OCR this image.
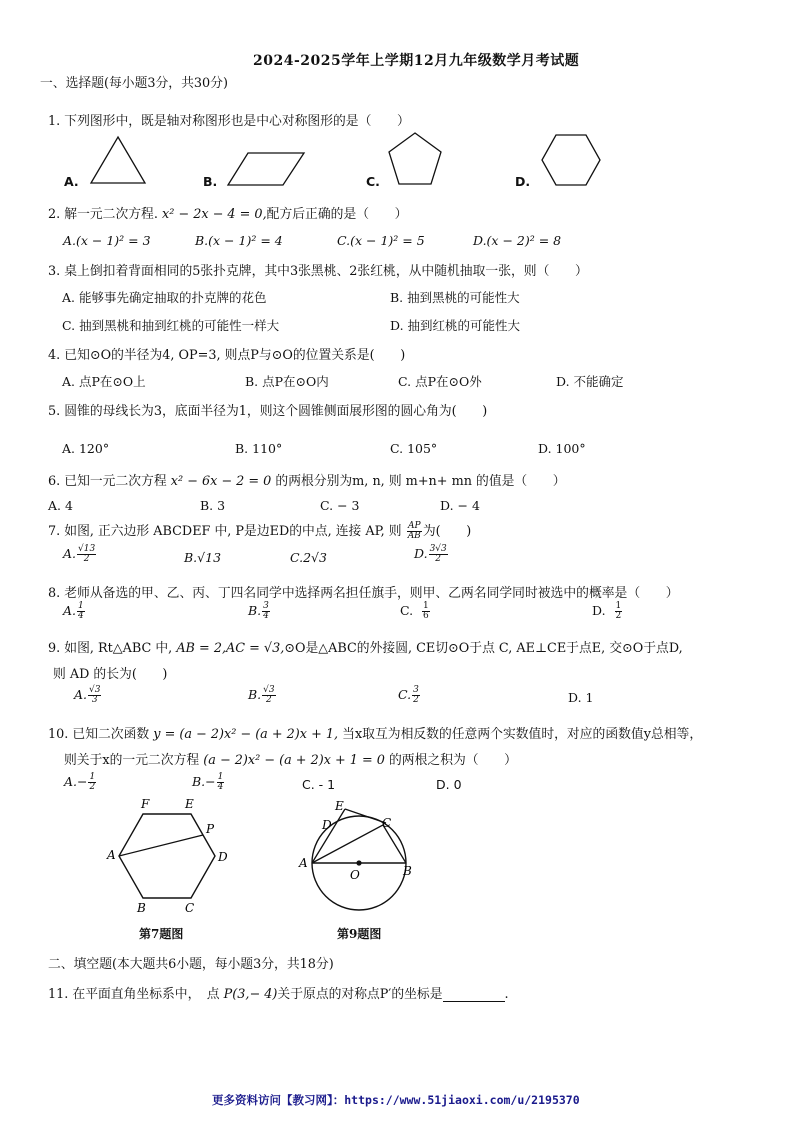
2024-2025学年上学期12月九年级数学月考试题
一、选择题(每小题3分，共30分)
1. 下列图形中，既是轴对称图形也是中心对称图形的是（　　）
A.	B.	C.	D.
2. 解一元二次方程. x² − 2x − 4 = 0,配方后正确的是（　　）
A.(x − 1)² = 3	B.(x − 1)² = 4	C.(x − 1)² = 5	D.(x − 2)² = 8
3. 桌上倒扣着背面相同的5张扑克牌，其中3张黑桃、2张红桃，从中随机抽取一张，则（　　）
A. 能够事先确定抽取的扑克牌的花色	B. 抽到黑桃的可能性大
C. 抽到黑桃和抽到红桃的可能性一样大	D. 抽到红桃的可能性大
4. 已知⊙O的半径为4, OP=3, 则点P与⊙O的位置关系是(　　)
A. 点P在⊙O上	B. 点P在⊙O内	C. 点P在⊙O外	D. 不能确定
5. 圆锥的母线长为3，底面半径为1，则这个圆锥侧面展形图的圆心角为(　　)
A. 120°	B. 110°	C. 105°	D. 100°
6. 已知一元二次方程 x² − 6x − 2 = 0 的两根分别为m, n, 则 m+n+ mn 的值是（　　）
A. 4	B. 3	C. − 3	D. − 4
7. 如图, 正六边形 ABCDEF 中, P是边ED的中点, 连接 AP, 则 $\frac{AP}{AB}$ 为(　　)
A. $\frac{√13}{2}$	B.√13	C.2√3	D. $\frac{3√3}{2}$
8. 老师从备选的甲、乙、丙、丁四名同学中选择两名担任旗手，则甲、乙两名同学同时被选中的概率是（　　）
A. $\frac{1}{4}$	B. $\frac{3}{4}$	C. $\frac{1}{6}$	D. $\frac{1}{2}$
9. 如图, Rt△ABC 中, AB = 2,AC = √3,⊙O是△ABC的外接圆, CE切⊙O于点 C, AE⊥CE于点E, 交⊙O于点D,
则 AD 的长为(　　)
A. $\frac{√3}{3}$	B. $\frac{√3}{2}$	C. $\frac{3}{2}$	D. 1
10. 已知二次函数 y = (a − 2)x² − (a + 2)x + 1, 当x取互为相反数的任意两个实数值时，对应的函数值y总相等，
则关于x的一元二次方程 (a − 2)x² − (a + 2)x + 1 = 0 的两根之积为（　　）
$A.- \frac{1}{2}$	$B.- \frac{1}{4}$	C. - 1	D. 0
F	E
P
D
A
B	C
第7题图
E
D	C
A
B
O
第9题图
二、填空题(本大题共6小题，每小题3分，共18分)
11. 在平面直角坐标系中，　点 P(3,− 4)关于原点的对称点P′的坐标是	.
更多资料访问【教习网】：https://www.51jiaoxi.com/u/2195370
